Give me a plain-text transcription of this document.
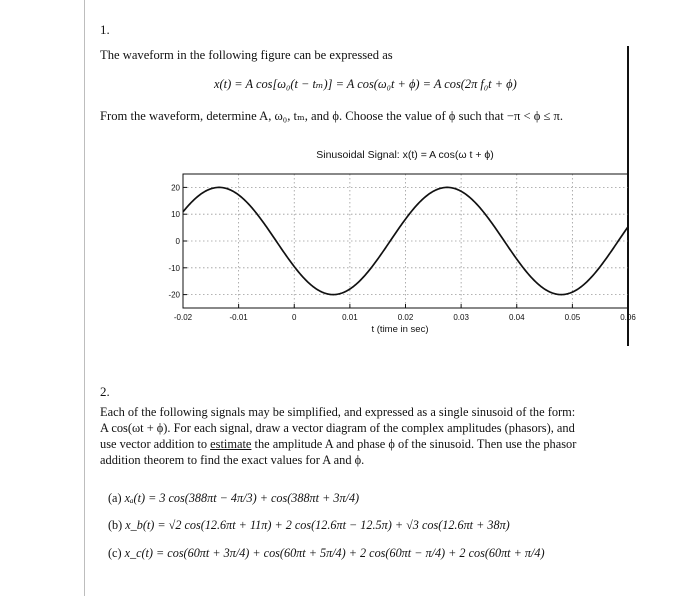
1.
The waveform in the following figure can be expressed as
x(t) = A cos[ω₀(t − tₘ)] = A cos(ω₀t + ϕ) = A cos(2π f₀t + ϕ)
From the waveform, determine A, ω₀, tₘ, and ϕ. Choose the value of ϕ such that −π < ϕ ≤ π.
Sinusoidal Signal: x(t) = A cos(ω t + ϕ)
-0.02	-0.01	0	0.01	0.02	0.03	0.04	0.05	0.06
20
10
0
-10
-20
t (time in sec)
2.
Each of the following signals may be simplified, and expressed as a single sinusoid of the form:
A cos(ωt + ϕ). For each signal, draw a vector diagram of the complex amplitudes (phasors), and
use vector addition to estimate the amplitude A and phase ϕ of the sinusoid. Then use the phasor
addition theorem to find the exact values for A and ϕ.
(a) xₐ(t) = 3 cos(388πt − 4π/3) + cos(388πt + 3π/4)
(b) x_b(t) = √2 cos(12.6πt + 11π) + 2 cos(12.6πt − 12.5π) + √3 cos(12.6πt + 38π)
(c) x_c(t) = cos(60πt + 3π/4) + cos(60πt + 5π/4) + 2 cos(60πt − π/4) + 2 cos(60πt + π/4)
